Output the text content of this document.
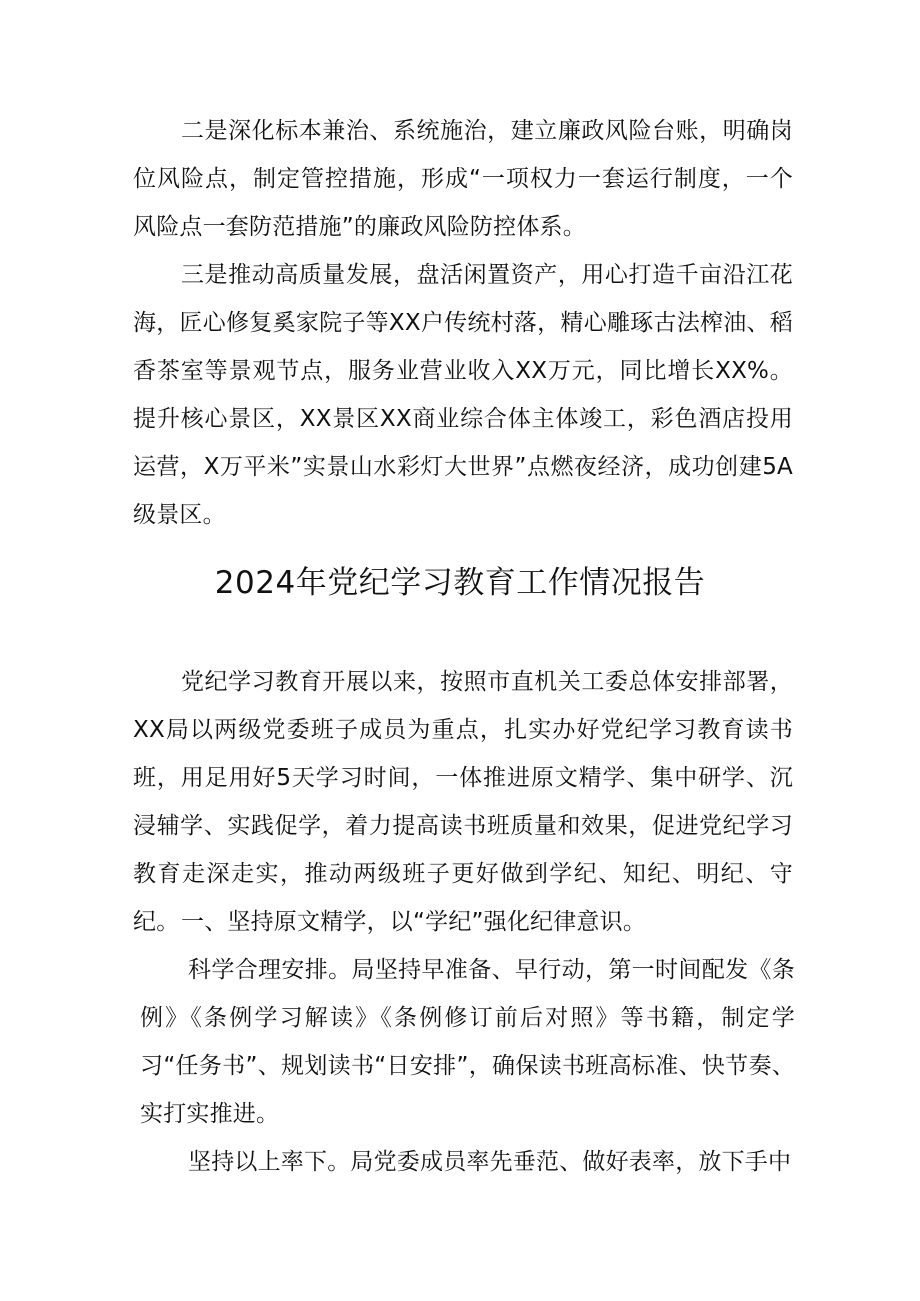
二是深化标本兼治、系统施治，建立廉政风险台账，明确岗位风险点，制定管控措施，形成“一项权力一套运行制度，一个风险点一套防范措施”的廉政风险防控体系。

三是推动高质量发展，盘活闲置资产，用心打造千亩沿江花海，匠心修复奚家院子等XX户传统村落，精心雕琢古法榨油、稻香茶室等景观节点，服务业营业收入XX万元，同比增长XX%。提升核心景区，XX景区XX商业综合体主体竣工，彩色酒店投用运营，X万平米”实景山水彩灯大世界”点燃夜经济，成功创建5A级景区。

2024年党纪学习教育工作情况报告

党纪学习教育开展以来，按照市直机关工委总体安排部署，XX局以两级党委班子成员为重点，扎实办好党纪学习教育读书班，用足用好5天学习时间，一体推进原文精学、集中研学、沉浸辅学、实践促学，着力提高读书班质量和效果，促进党纪学习教育走深走实，推动两级班子更好做到学纪、知纪、明纪、守纪。 一、坚持原文精学，以“学纪”强化纪律意识。

科学合理安排。局坚持早准备、早行动，第一时间配发《条例》《条例学习解读》《条例修订前后对照》等书籍，制定学习“任务书”、规划读书“日安排”，确保读书班高标准、快节奏、实打实推进。

坚持以上率下。局党委成员率先垂范、做好表率，放下手中
